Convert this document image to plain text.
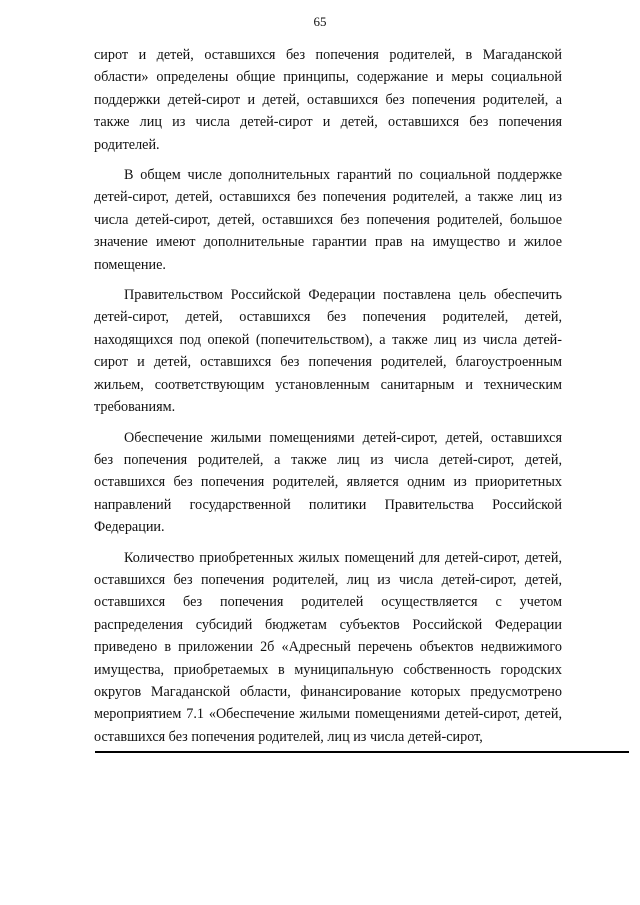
65

сирот и детей, оставшихся без попечения родителей, в Магаданской области» определены общие принципы, содержание и меры социальной поддержки детей-сирот и детей, оставшихся без попечения родителей, а также лиц из числа детей-сирот и детей, оставшихся без попечения родителей.

В общем числе дополнительных гарантий по социальной поддержке детей-сирот, детей, оставшихся без попечения родителей, а также лиц из числа детей-сирот, детей, оставшихся без попечения родителей, большое значение имеют дополнительные гарантии прав на имущество и жилое помещение.

Правительством Российской Федерации поставлена цель обеспечить детей-сирот, детей, оставшихся без попечения родителей, детей, находящихся под опекой (попечительством), а также лиц из числа детей-сирот и детей, оставшихся без попечения родителей, благоустроенным жильем, соответствующим установленным санитарным и техническим требованиям.

Обеспечение жилыми помещениями детей-сирот, детей, оставшихся без попечения родителей, а также лиц из числа детей-сирот, детей, оставшихся без попечения родителей, является одним из приоритетных направлений государственной политики Правительства Российской Федерации.

Количество приобретенных жилых помещений для детей-сирот, детей, оставшихся без попечения родителей, лиц из числа детей-сирот, детей, оставшихся без попечения родителей осуществляется с учетом распределения субсидий бюджетам субъектов Российской Федерации приведено в приложении 2б «Адресный перечень объектов недвижимого имущества, приобретаемых в муниципальную собственность городских округов Магаданской области, финансирование которых предусмотрено мероприятием 7.1 «Обеспечение жилыми помещениями детей-сирот, детей, оставшихся без попечения родителей, лиц из числа детей-сирот,
